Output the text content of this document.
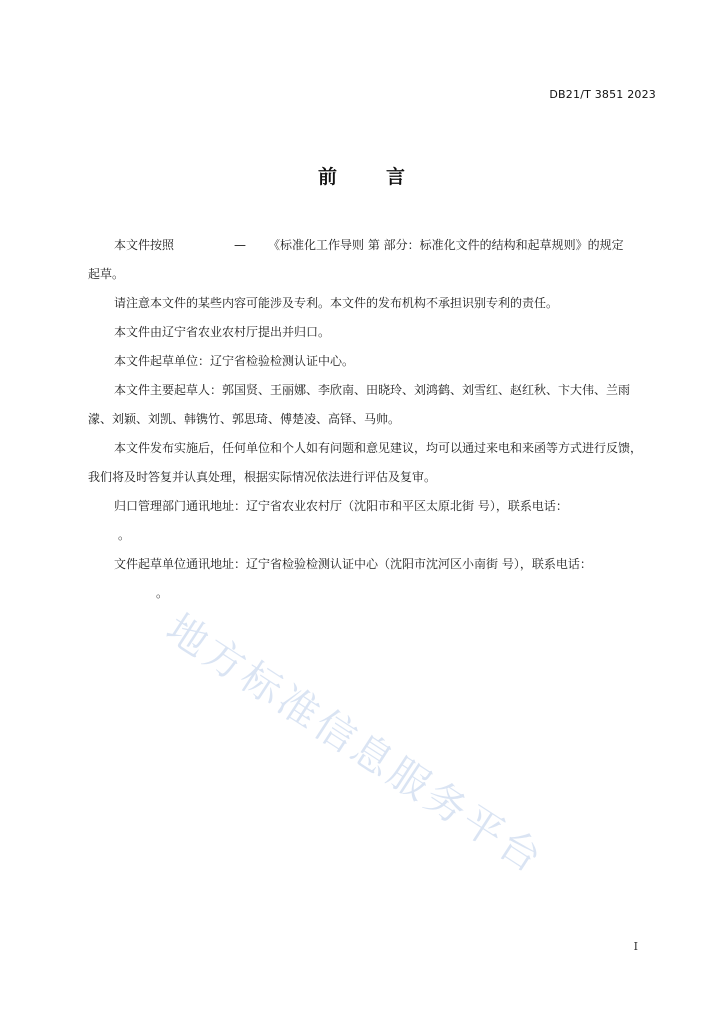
DB21/T 3851 2023
前	言

本文件按照	— 《标准化工作导则 第 部分：标准化文件的结构和起草规则》的规定

起草。

请注意本文件的某些内容可能涉及专利。本文件的发布机构不承担识别专利的责任。

本文件由辽宁省农业农村厅提出并归口。

本文件起草单位：辽宁省检验检测认证中心。

本文件主要起草人：郭国贤、王丽娜、李欣南、田晓玲、刘鸿鹤、刘雪红、赵红秋、卞大伟、兰雨

濛、刘颖、刘凯、韩镌竹、郭思琦、傅楚凌、高铎、马帅。

本文件发布实施后，任何单位和个人如有问题和意见建议，均可以通过来电和来函等方式进行反馈，

我们将及时答复并认真处理，根据实际情况依法进行评估及复审。

归口管理部门通讯地址：辽宁省农业农村厅（沈阳市和平区太原北街 号），联系电话：

。

文件起草单位通讯地址：辽宁省检验检测认证中心（沈阳市沈河区小南街 号），联系电话：

。

地方标准信息服务平台
I
